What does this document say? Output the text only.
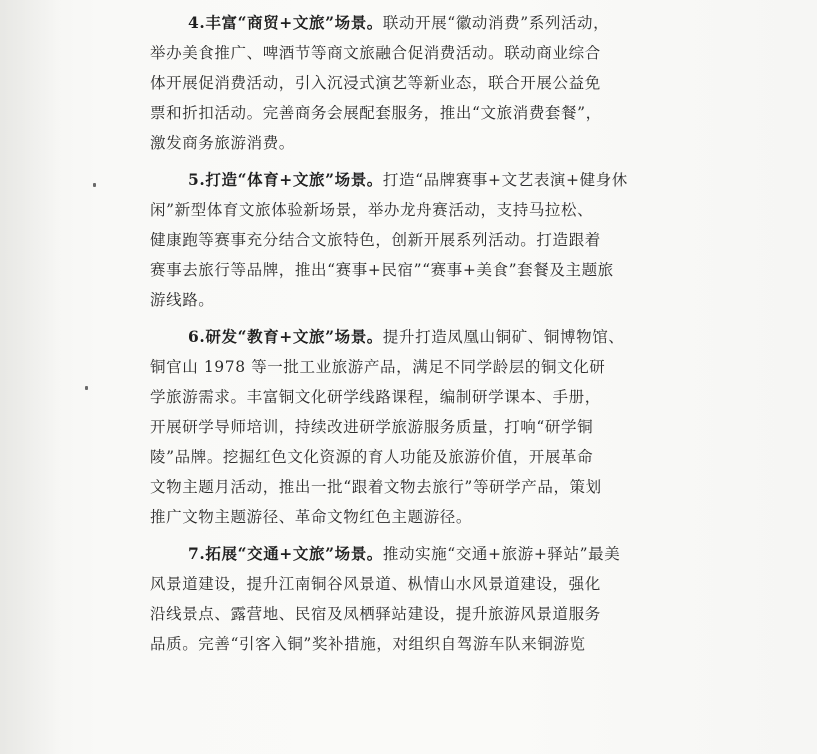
4.丰富“商贸+文旅”场景。联动开展“徽动消费”系列活动，
举办美食推广、啤酒节等商文旅融合促消费活动。联动商业综合
体开展促消费活动，引入沉浸式演艺等新业态，联合开展公益免
票和折扣活动。完善商务会展配套服务，推出“文旅消费套餐”，
激发商务旅游消费。
5.打造“体育+文旅”场景。打造“品牌赛事+文艺表演+健身休
闲”新型体育文旅体验新场景，举办龙舟赛活动，支持马拉松、
健康跑等赛事充分结合文旅特色，创新开展系列活动。打造跟着
赛事去旅行等品牌，推出“赛事+民宿”“赛事+美食”套餐及主题旅
游线路。
6.研发“教育+文旅”场景。提升打造凤凰山铜矿、铜博物馆、
铜官山 1978 等一批工业旅游产品，满足不同学龄层的铜文化研
学旅游需求。丰富铜文化研学线路课程，编制研学课本、手册，
开展研学导师培训，持续改进研学旅游服务质量，打响“研学铜
陵”品牌。挖掘红色文化资源的育人功能及旅游价值，开展革命
文物主题月活动，推出一批“跟着文物去旅行”等研学产品，策划
推广文物主题游径、革命文物红色主题游径。
7.拓展“交通+文旅”场景。推动实施“交通+旅游+驿站”最美
风景道建设，提升江南铜谷风景道、枞情山水风景道建设，强化
沿线景点、露营地、民宿及凤栖驿站建设，提升旅游风景道服务
品质。完善“引客入铜”奖补措施，对组织自驾游车队来铜游览
